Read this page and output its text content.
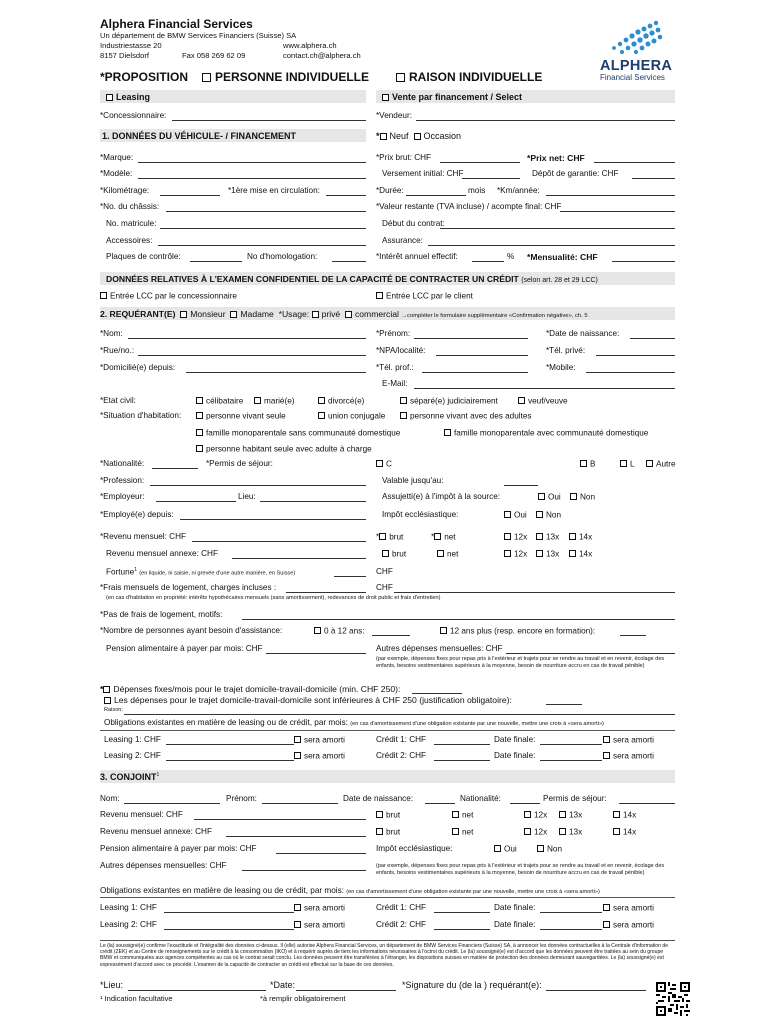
Alphera Financial Services
Un département de BMW Services Financiers (Suisse) SA
Industriestasse 20
8157 Dielsdorf	Fax 058 269 62 09
www.alphera.ch
contact.ch@alphera.ch
ALPHERA
Financial Services
*PROPOSITION	PERSONNE INDIVIDUELLE	RAISON INDIVIDUELLE
Leasing	Vente par financement / Select
*Concessionnaire:	*Vendeur:
1. DONNÉES DU VÉHICULE- / FINANCEMENT	* Neuf Occasion
*Marque:	*Prix brut: CHF	*Prix net: CHF
*Modèle:	Versement initial: CHF	Dépôt de garantie: CHF
*Kilométrage:	*1ère mise en circulation:	*Durée:	mois *Km/année:
*No. du châssis:	*Valeur restante (TVA incluse) / acompte final: CHF
No. matricule:	Début du contrat:
Accessoires:	Assurance:
Plaques de contrôle:	No d'homologation:	*Intérêt annuel effectif:	% *Mensualité: CHF
DONNÉES RELATIVES À L'EXAMEN CONFIDENTIEL DE LA CAPACITÉ DE CONTRACTER UN CRÉDIT (selon art. 28 et 29 LCC)
Entrée LCC par le concessionnaire	Entrée LCC par le client
2. REQUÉRANT(E) Monsieur Madame *Usage: privé commercial →compléter le formulaire supplémentaire «Confirmation négative», ch. 5
*Nom:	*Prénom:	*Date de naissance:
*Rue/no.:	*NPA/localité:	*Tél. privé:
*Domicilié(e) depuis:	*Tél. prof.:	*Mobile:
E-Mail:
*Etat civil:	célibataire	marié(e)	divorcé(e)	séparé(e) judiciairement	veuf/veuve
*Situation d'habitation:	personne vivant seule	union conjugale	personne vivant avec des adultes
famille monoparentale sans communauté domestique	famille monoparentale avec communauté domestique
personne habitant seule avec adulte à charge
*Nationalité:	*Permis de séjour:	C	B	L	Autre
*Profession:	Valable jusqu'au:
*Employeur:	Lieu:	Assujetti(e) à l'impôt à la source:	Oui	Non
*Employé(e) depuis:	Impôt ecclésiastique:	Oui	Non
*Revenu mensuel: CHF	* brut	* net	12x	13x	14x
Revenu mensuel annexe: CHF	brut	net	12x	13x	14x
Fortune$^1$ (en liquide, ni saisie, ni grevée d'une autre manière, en Suisse)	CHF
*Frais mensuels de logement, charges incluses :	CHF
(en cas d'habitation en propriété: intérêts hypothécaires mensuels (sans amortissement), redevances de droit public et frais d'entretien)
*Pas de frais de logement, motifs:
*Nombre de personnes ayant besoin d'assistance:	0 à 12 ans:	12 ans plus (resp. encore en formation):
Pension alimentaire à payer par mois: CHF	Autres dépenses mensuelles: CHF
(par exemple, dépenses fixes pour repas pris à l'extérieur et trajets pour se rendre au travail et en revenir, écolage des enfants, besoins vestimentaires supérieurs à la moyenne, besoin de nourriture accru en cas de travail pénible)
* Dépenses fixes/mois pour le trajet domicile-travail-domicile (min. CHF 250):
Les dépenses pour le trajet domicile-travail-domicile sont inférieures à CHF 250 (justification obligatoire):
Raison:
Obligations existantes en matière de leasing ou de crédit, par mois: (en cas d'amortissement d'une obligation existante par une nouvelle, mettre une croix à «sera amorti»)
Leasing 1: CHF	sera amorti	Crédit 1: CHF	Date finale:	sera amorti
Leasing 2: CHF	sera amorti	Crédit 2: CHF	Date finale:	sera amorti
3. CONJOINT$^1$
Nom:	Prénom:	Date de naissance:	Nationalité:	Permis de séjour:
Revenu mensuel: CHF	brut	net	12x	13x	14x
Revenu mensuel annexe: CHF	brut	net	12x	13x	14x
Pension alimentaire à payer par mois: CHF	Impôt ecclésiastique:	Oui	Non
Autres dépenses mensuelles: CHF	(par exemple, dépenses fixes pour repas pris à l'extérieur et trajets pour se rendre au travail et en revenir, écolage des enfants, besoins vestimentaires supérieurs à la moyenne, besoin de nourriture accru en cas de travail pénible)
Obligations existantes en matière de leasing ou de crédit, par mois: (en cas d'amortissement d'une obligation existante par une nouvelle, mettre une croix à «sera amorti»)
Leasing 1: CHF	sera amorti	Crédit 1: CHF	Date finale:	sera amorti
Leasing 2: CHF	sera amorti	Crédit 2: CHF	Date finale:	sera amorti
Le (la) soussigné(e) confirme l'exactitude et l'intégralité des données ci-dessus. Il (elle) autorise Alphera Financial Services, un département de BMW Services Financiers (Suisse) SA, à annoncer les données contractuelles à la Centrale d'information de crédit (ZEK) et au Centre de renseignements sur le crédit à la consommation (IKO) et à requérir auprès de tiers les informations nécessaires à l'octroi du crédit. Le (la) soussigné(e) est d'accord que les données peuvent être traitées au sein du groupe BMW et communiquées aux agences compétentes au cas où le contrat serait conclu. Les données peuvent être transférées à l'étranger, les dispositions suisses en matière de protection des données demeurant sauvegardées. Le (la) soussigné(e) est expressément d'accord avec ce procédé. L'examen de la capacité de contracter un crédit est effectué sur la base de ces données.
*Lieu:	*Date:	*Signature du (de la ) requérant(e):
¹ Indication facultative	*à remplir obligatoirement
